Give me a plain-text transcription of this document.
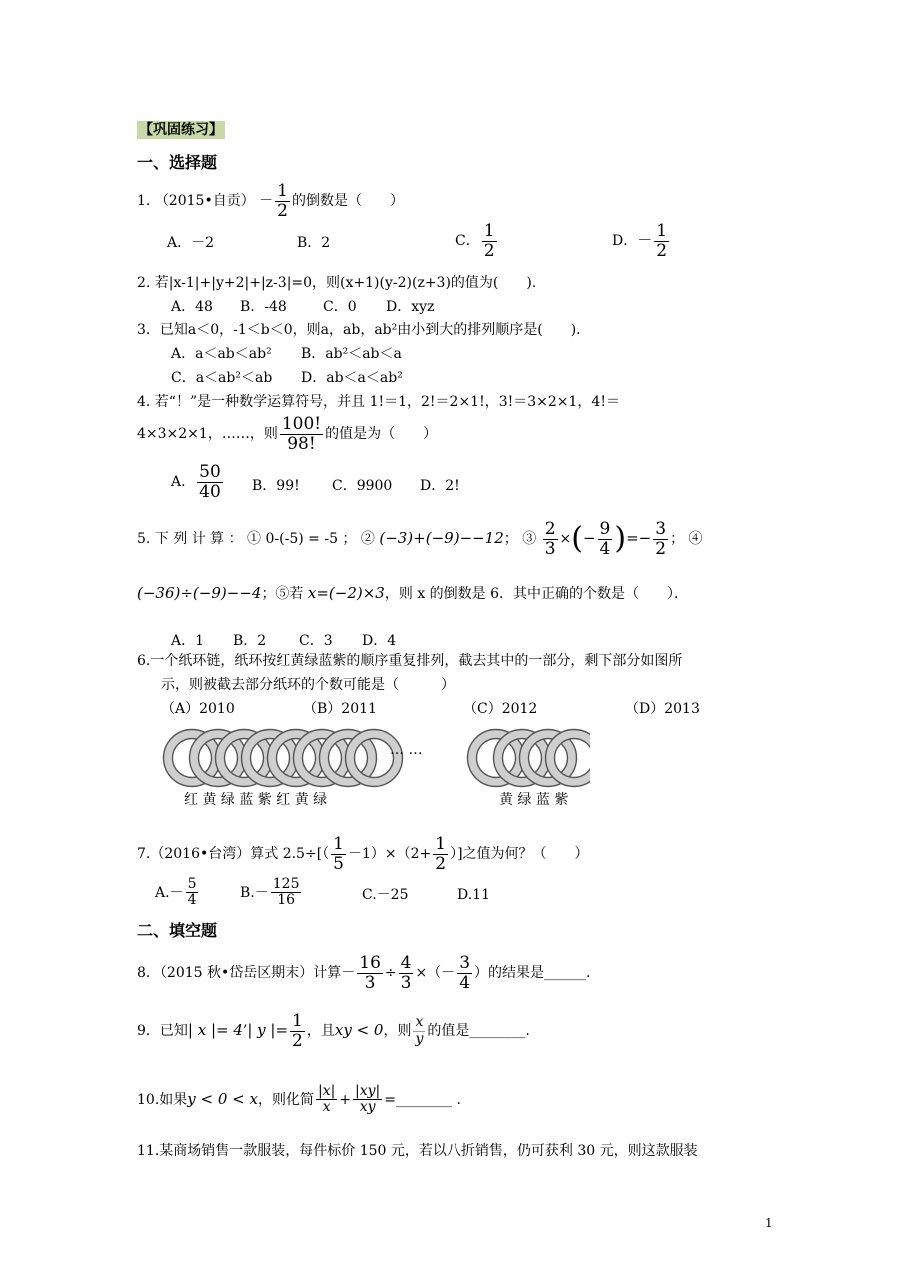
【巩固练习】
一、选择题
1. （2015•自贡） － $\frac{1}{2}$ 的倒数是（　　）
A．－2	B．2	C． $\frac{1}{2}$	D．－ $\frac{1}{2}$
2. 若|x-1|+|y+2|+|z-3|=0，则(x+1)(y-2)(z+3)的值为(　　).
A．48 B．-48	C．0 D．xyz
3．已知a＜0，-1＜b＜0，则a，ab，ab²由小到大的排列顺序是(　　)．
A．a＜ab＜ab² B．ab²＜ab＜a
C．a＜ab²＜ab D．ab＜a＜ab²
4. 若“！”是一种数学运算符号，并且 1!＝1，2!＝2×1!，3!＝3×2×1，4!＝
4×3×2×1，……，则 $\frac{100!}{98!}$ 的值是为（　　）
A． $\frac{50}{40}$ B．99! C．9900 D．2!
5. 下 列 计 算 ： ① 0-(-5) = -5 ； ② (−3)+(−9)−−12； ③ $\frac{2}{3}$ ×(− $\frac{9}{4}$ )=− $\frac{3}{2}$ ； ④
(−36)÷(−9)−−4；⑤若 x=(−2)×3，则 x 的倒数是 6．其中正确的个数是（　　）．
A．1 B．2 C．3 D．4
6.一个纸环链，纸环按红黄绿蓝紫的顺序重复排列，截去其中的一部分，剩下部分如图所
示，则被截去部分纸环的个数可能是（　　　）
（A）2010	（B）2011	（C）2012	（D）2013
… …
红 黄 绿 蓝 紫 红 黄 绿	黄 绿 蓝 紫
7.（2016•台湾）算式 $2.5\div[( \frac{1}{5} -1)\times(2+ \frac{1}{2}$ ）]之值为何？（　　）
$A.- \frac{5}{4}$	$B.- \frac{125}{16}$	C.－25	D.11
二、填空题
8．（2015 秋•岱岳区期末）计算－ $\frac{16}{3} \div \frac{4}{3}$ ×（－ $\frac{3}{4}$ ）的结果是______.
9．已知| x |= 4’| y |= $\frac{1}{2}$ ，且xy < 0，则 $\frac{x}{y}$ 的值是________.
10.如果y < 0 < x，则化简 $\frac{|x|}{x} + \frac{|xy|}{xy}$ =________ .
11.某商场销售一款服装，每件标价 150 元，若以八折销售，仍可获利 30 元，则这款服装
1
